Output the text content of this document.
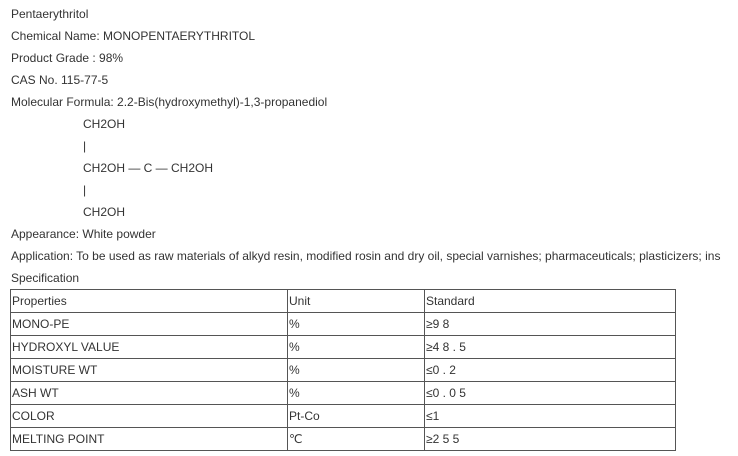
Pentaerythritol
Chemical Name: MONOPENTAERYTHRITOL
Product Grade : 98%
CAS No. 115-77-5
Molecular Formula: 2.2-Bis(hydroxymethyl)-1,3-propanediol
CH2OH
|
CH2OH — C — CH2OH
|
CH2OH
Appearance: White powder
Application: To be used as raw materials of alkyd resin, modified rosin and dry oil, special varnishes; pharmaceuticals; plasticizers; ins
Specification
Properties	Unit	Standard
MONO-PE	%	≥9 8
HYDROXYL VALUE	%	≥4 8 . 5
MOISTURE WT	%	≤0 . 2
ASH WT	%	≤0 . 0 5
COLOR	Pt-Co	≤1
MELTING POINT	℃	≥2 5 5
